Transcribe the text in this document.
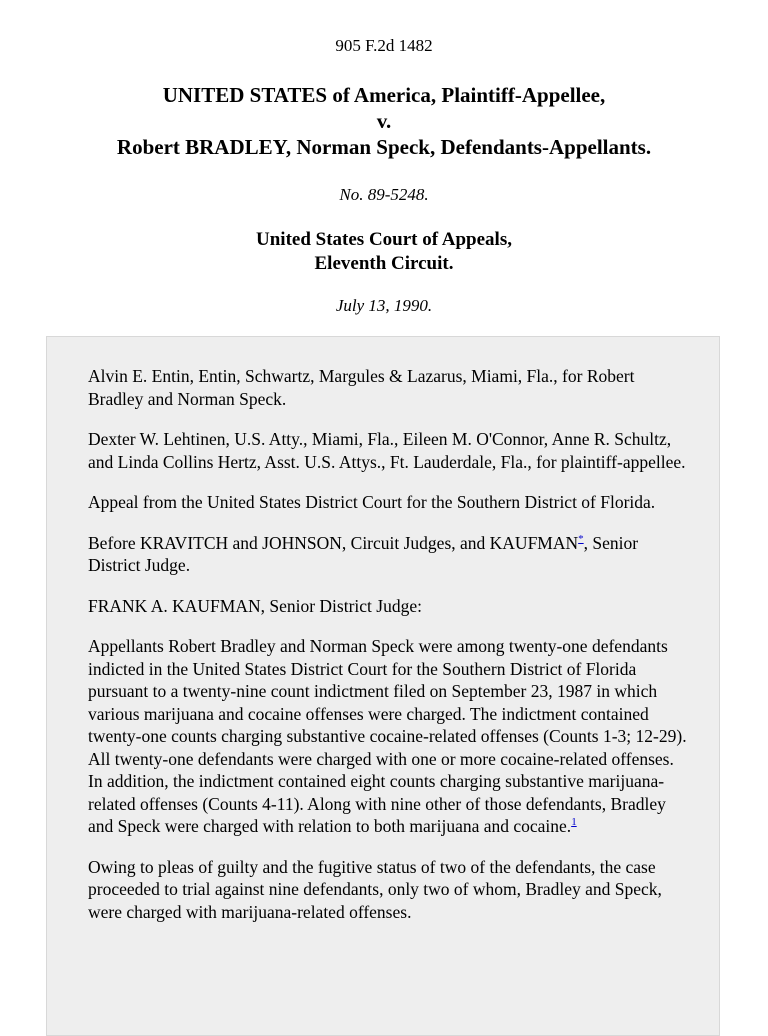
905 F.2d 1482
UNITED STATES of America, Plaintiff-Appellee,
v.
Robert BRADLEY, Norman Speck, Defendants-Appellants.
No. 89-5248.
United States Court of Appeals,
Eleventh Circuit.
July 13, 1990.

Alvin E. Entin, Entin, Schwartz, Margules & Lazarus, Miami, Fla., for Robert Bradley and Norman Speck.

Dexter W. Lehtinen, U.S. Atty., Miami, Fla., Eileen M. O'Connor, Anne R. Schultz, and Linda Collins Hertz, Asst. U.S. Attys., Ft. Lauderdale, Fla., for plaintiff-appellee.

Appeal from the United States District Court for the Southern District of Florida.

Before KRAVITCH and JOHNSON, Circuit Judges, and KAUFMAN*, Senior District Judge.

FRANK A. KAUFMAN, Senior District Judge:

Appellants Robert Bradley and Norman Speck were among twenty-one defendants indicted in the United States District Court for the Southern District of Florida pursuant to a twenty-nine count indictment filed on September 23, 1987 in which various marijuana and cocaine offenses were charged. The indictment contained twenty-one counts charging substantive cocaine-related offenses (Counts 1-3; 12-29). All twenty-one defendants were charged with one or more cocaine-related offenses. In addition, the indictment contained eight counts charging substantive marijuana-related offenses (Counts 4-11). Along with nine other of those defendants, Bradley and Speck were charged with relation to both marijuana and cocaine.$^1$

Owing to pleas of guilty and the fugitive status of two of the defendants, the case proceeded to trial against nine defendants, only two of whom, Bradley and Speck, were charged with marijuana-related offenses.
